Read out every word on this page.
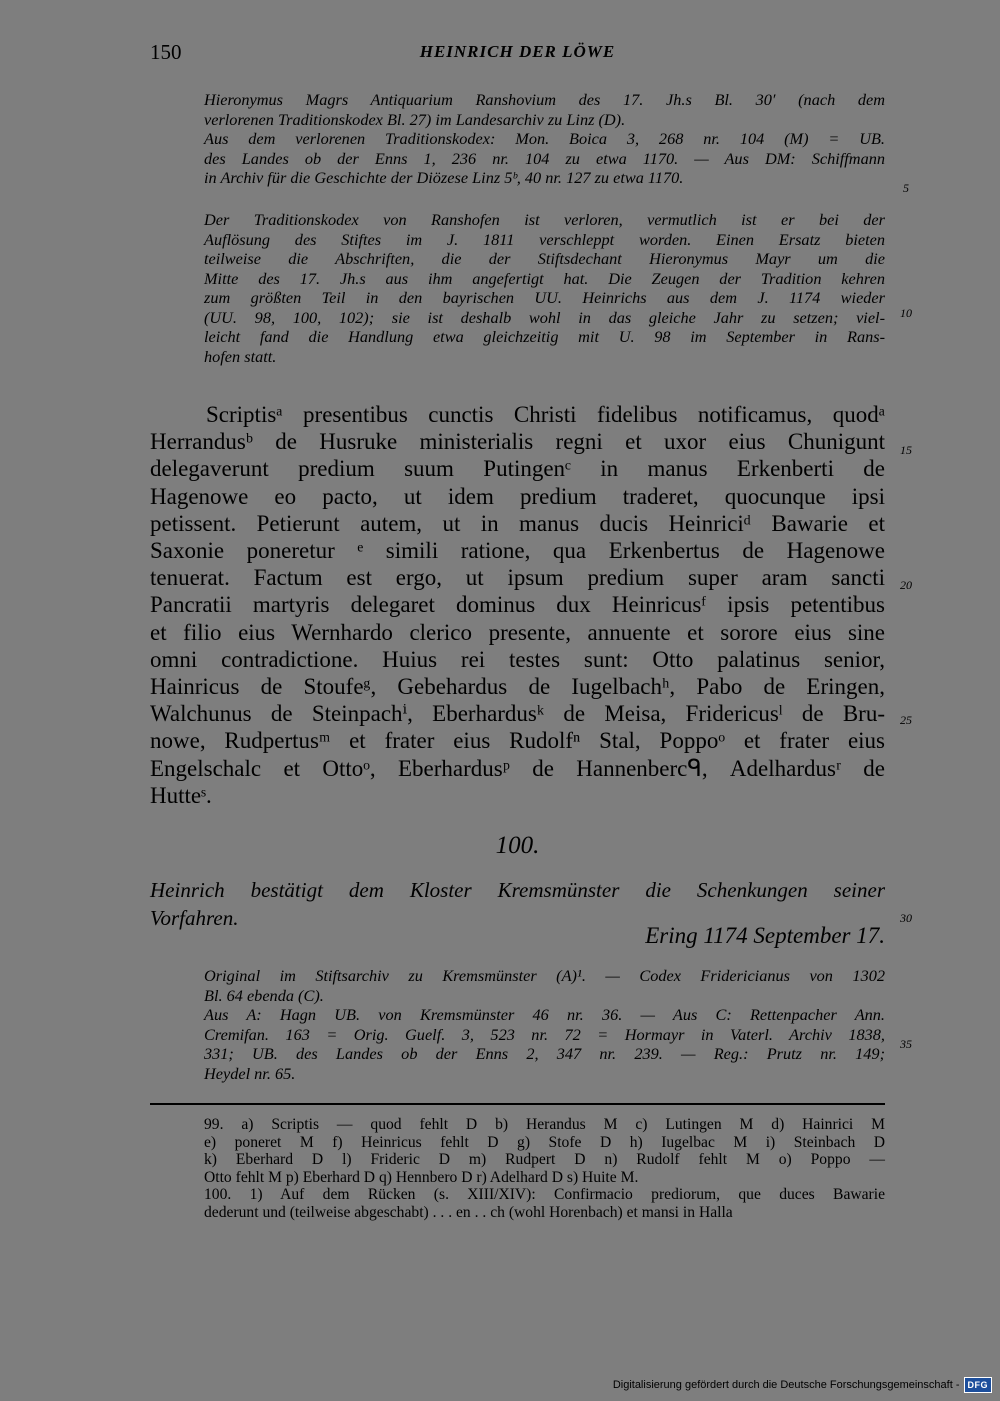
150	HEINRICH DER LÖWE
Hieronymus Magrs Antiquarium Ranshovium des 17. Jh.s Bl. 30′ (nach dem
verlorenen Traditionskodex Bl. 27) im Landesarchiv zu Linz (D).
Aus dem verlorenen Traditionskodex: Mon. Boica 3, 268 nr. 104 (M) = UB.
des Landes ob der Enns 1, 236 nr. 104 zu etwa 1170. — Aus DM: Schiffmann
in Archiv für die Geschichte der Diözese Linz 5ᵇ, 40 nr. 127 zu etwa 1170.
Der Traditionskodex von Ranshofen ist verloren, vermutlich ist er bei der
Auflösung des Stiftes im J. 1811 verschleppt worden. Einen Ersatz bieten
teilweise die Abschriften, die der Stiftsdechant Hieronymus Mayr um die
Mitte des 17. Jh.s aus ihm angefertigt hat. Die Zeugen der Tradition kehren
zum größten Teil in den bayrischen UU. Heinrichs aus dem J. 1174 wieder
(UU. 98, 100, 102); sie ist deshalb wohl in das gleiche Jahr zu setzen; viel-
leicht fand die Handlung etwa gleichzeitig mit U. 98 im September in Rans-
hofen statt.
Scriptisᵃ presentibus cunctis Christi fidelibus notificamus, quodᵃ
Herrandusᵇ de Husruke ministerialis regni et uxor eius Chunigunt
delegaverunt predium suum Putingenᶜ in manus Erkenberti de
Hagenowe eo pacto, ut idem predium traderet, quocunque ipsi
petissent. Petierunt autem, ut in manus ducis Heinriciᵈ Bawarie et
Saxonie poneretur ᵉ simili ratione, qua Erkenbertus de Hagenowe
tenuerat. Factum est ergo, ut ipsum predium super aram sancti
Pancratii martyris delegaret dominus dux Heinricusᶠ ipsis petentibus
et filio eius Wernhardo clerico presente, annuente et sorore eius sine
omni contradictione. Huius rei testes sunt: Otto palatinus senior,
Hainricus de Stoufeᵍ, Gebehardus de Iugelbachʰ, Pabo de Eringen,
Walchunus de Steinpachⁱ, Eberhardusᵏ de Meisa, Fridericusˡ de Bru-
nowe, Rudpertusᵐ et frater eius Rudolfⁿ Stal, Poppoᵒ et frater eius
Engelschalc et Ottoᵒ, Eberhardusᵖ de Hannenbercᑫ, Adelhardusʳ de
Hutteˢ.
100.
Heinrich bestätigt dem Kloster Kremsmünster die Schenkungen seiner
Vorfahren.
Ering 1174 September 17.
Original im Stiftsarchiv zu Kremsmünster (A)¹. — Codex Fridericianus von 1302
Bl. 64 ebenda (C).
Aus A: Hagn UB. von Kremsmünster 46 nr. 36. — Aus C: Rettenpacher Ann.
Cremifan. 163 = Orig. Guelf. 3, 523 nr. 72 = Hormayr in Vaterl. Archiv 1838,
331; UB. des Landes ob der Enns 2, 347 nr. 239. — Reg.: Prutz nr. 149;
Heydel nr. 65.
99. a) Scriptis — quod fehlt D b) Herandus M c) Lutingen M d) Hainrici M
e) poneret M f) Heinricus fehlt D g) Stofe D h) Iugelbac M i) Steinbach D
k) Eberhard D l) Frideric D m) Rudpert D n) Rudolf fehlt M o) Poppo —
Otto fehlt M p) Eberhard D q) Hennbero D r) Adelhard D s) Huite M.
100. 1) Auf dem Rücken (s. XIII/XIV): Confirmacio prediorum, que duces Bawarie
dederunt und (teilweise abgeschabt) . . . en . . ch (wohl Horenbach) et mansi in Halla
5
10
15
20
25
30
35
Digitalisierung gefördert durch die Deutsche Forschungsgemeinschaft - DFG
